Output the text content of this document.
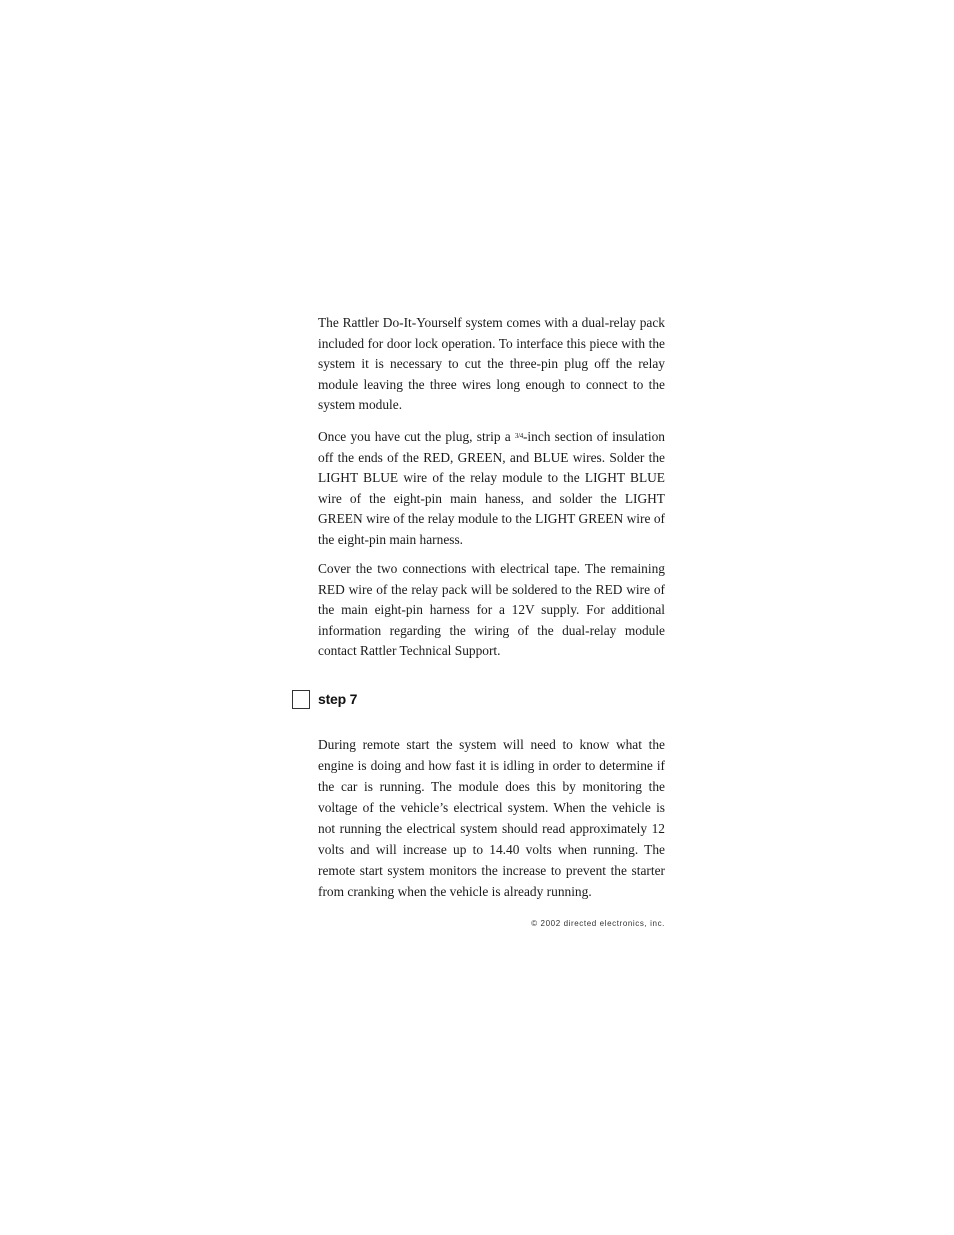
The Rattler Do-It-Yourself system comes with a dual-relay pack included for door lock operation. To interface this piece with the system it is necessary to cut the three-pin plug off the relay module leaving the three wires long enough to connect to the system module.

Once you have cut the plug, strip a $^{3/4}$-inch section of insulation off the ends of the RED, GREEN, and BLUE wires. Solder the LIGHT BLUE wire of the relay module to the LIGHT BLUE wire of the eight-pin main haness, and solder the LIGHT GREEN wire of the relay module to the LIGHT GREEN wire of the eight-pin main harness.

Cover the two connections with electrical tape. The remaining RED wire of the relay pack will be soldered to the RED wire of the main eight-pin harness for a 12V supply. For additional information regarding the wiring of the dual-relay module contact Rattler Technical Support.

step 7

During remote start the system will need to know what the engine is doing and how fast it is idling in order to determine if the car is running. The module does this by monitoring the voltage of the vehicle’s electrical system. When the vehicle is not running the electrical system should read approximately 12 volts and will increase up to 14.40 volts when running. The remote start system monitors the increase to prevent the starter from cranking when the vehicle is already running.

© 2002 directed electronics, inc.
